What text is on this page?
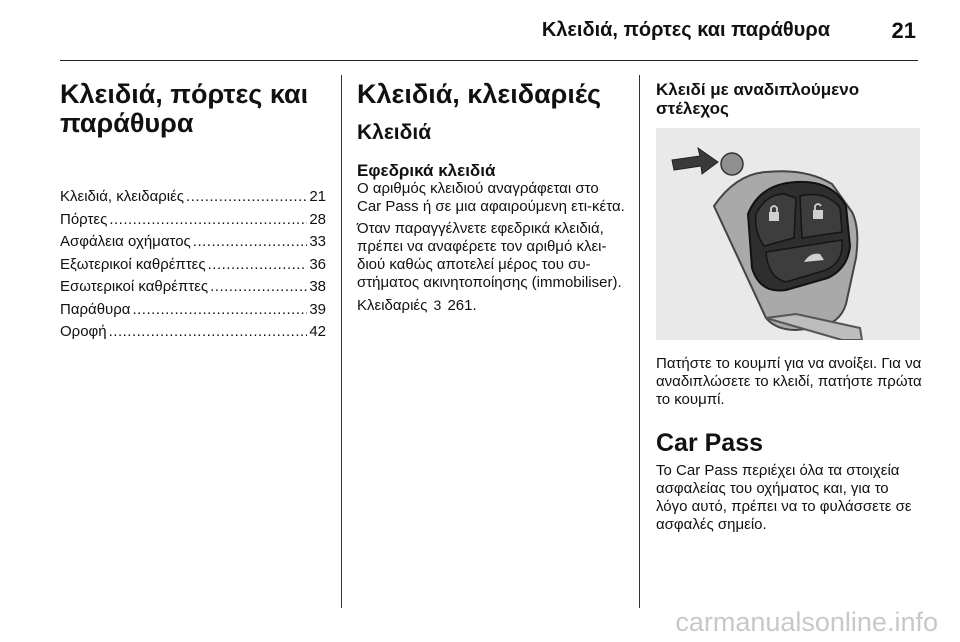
Κλειδιά, πόρτες και παράθυρα	21
Κλειδιά, πόρτες και παράθυρα
Κλειδιά, κλειδαριές .....	21
Πόρτες .....	28
Ασφάλεια οχήματος .....	33
Εξωτερικοί καθρέπτες .....	36
Εσωτερικοί καθρέπτες .....	38
Παράθυρα .....	39
Οροφή .....	42
Κλειδιά, κλειδαριές
Κλειδιά
Εφεδρικά κλειδιά

Ο αριθμός κλειδιού αναγράφεται στο Car Pass ή σε μια αφαιρούμενη ετι-κέτα.

Όταν παραγγέλνετε εφεδρικά κλειδιά, πρέπει να αναφέρετε τον αριθμό κλει-διού καθώς αποτελεί μέρος του συ-στήματος ακινητοποίησης (immobiliser).

Κλειδαριές 3 261.

Κλειδί με αναδιπλούμενο στέλεχος

Πατήστε το κουμπί για να ανοίξει. Για να αναδιπλώσετε το κλειδί, πατήστε πρώτα το κουμπί.

Car Pass

Το Car Pass περιέχει όλα τα στοιχεία ασφαλείας του οχήματος και, για το λόγο αυτό, πρέπει να το φυλάσσετε σε ασφαλές σημείο.

carmanualsonline.info
